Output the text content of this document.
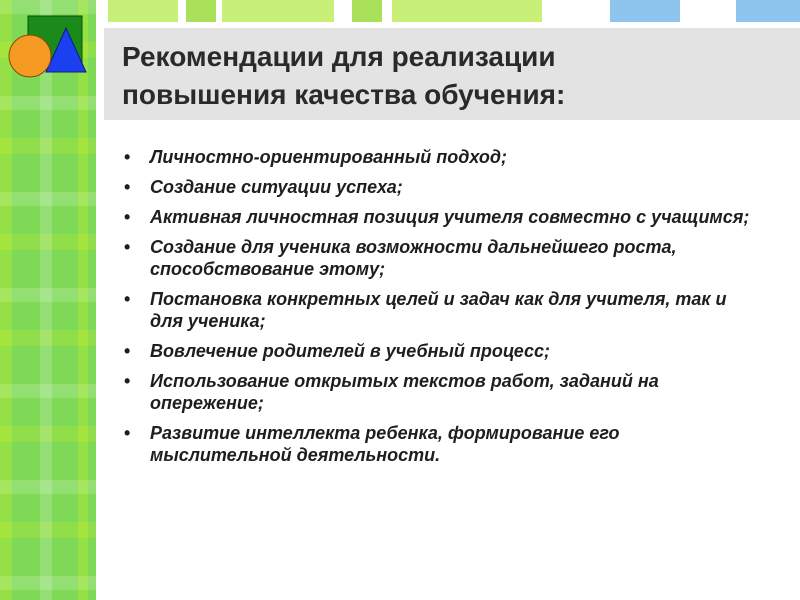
Рекомендации для реализации
повышения качества обучения:
• Личностно-ориентированный подход;
• Создание ситуации успеха;
• Активная личностная позиция учителя совместно с учащимся;
• Создание для ученика возможности дальнейшего роста, способствование этому;
• Постановка конкретных целей и задач как для учителя, так и для ученика;
• Вовлечение родителей в учебный процесс;
• Использование открытых текстов работ, заданий на опережение;
• Развитие интеллекта ребенка, формирование его мыслительной деятельности.
